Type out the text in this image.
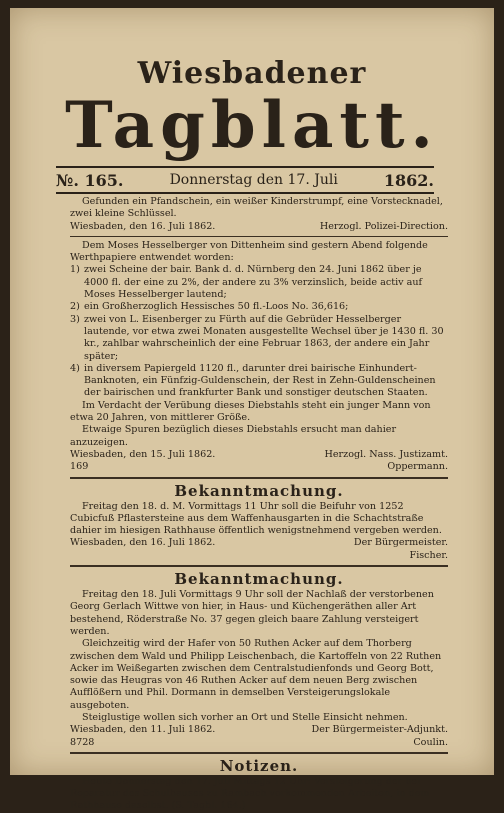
Wiesbadener
Tagblatt.
№. 165.	Donnerstag den 17. Juli	1862.

Gefunden ein Pfandschein, ein weißer Kinderstrumpf, eine Vorstecknadel, zwei kleine Schlüssel.

Wiesbaden, den 16. Juli 1862.	Herzogl. Polizei-Direction.

Dem Moses Hesselberger von Dittenheim sind gestern Abend folgende Werthpapiere entwendet worden:

1) zwei Scheine der bair. Bank d. d. Nürnberg den 24. Juni 1862 über je 4000 fl. der eine zu 2%, der andere zu 3% verzinslich, beide activ auf Moses Hesselberger lautend;
2) ein Großherzoglich Hessisches 50 fl.-Loos No. 36,616;
3) zwei von L. Eisenberger zu Fürth auf die Gebrüder Hesselberger lautende, vor etwa zwei Monaten ausgestellte Wechsel über je 1430 fl. 30 kr., zahlbar wahrscheinlich der eine Februar 1863, der andere ein Jahr später;
4) in diversem Papiergeld 1120 fl., darunter drei bairische Einhundert-Banknoten, ein Fünfzig-Guldenschein, der Rest in Zehn-Guldenscheinen der bairischen und frankfurter Bank und sonstiger deutschen Staaten.

Im Verdacht der Verübung dieses Diebstahls steht ein junger Mann von etwa 20 Jahren, von mittlerer Größe.

Etwaige Spuren bezüglich dieses Diebstahls ersucht man dahier anzuzeigen.

Wiesbaden, den 15. Juli 1862.	Herzogl. Nass. Justizamt.
169	Oppermann.
Bekanntmachung.

Freitag den 18. d. M. Vormittags 11 Uhr soll die Beifuhr von 1252 Cubicfuß Pflastersteine aus dem Waffenhausgarten in die Schachtstraße dahier im hiesigen Rathhause öffentlich wenigstnehmend vergeben werden.

Wiesbaden, den 16. Juli 1862.	Der Bürgermeister.
Fischer.
Bekanntmachung.

Freitag den 18. Juli Vormittags 9 Uhr soll der Nachlaß der verstorbenen Georg Gerlach Wittwe von hier, in Haus- und Küchengeräthen aller Art bestehend, Röderstraße No. 37 gegen gleich baare Zahlung versteigert werden.

Gleichzeitig wird der Hafer von 50 Ruthen Acker auf dem Thorberg zwischen dem Wald und Philipp Leischenbach, die Kartoffeln von 22 Ruthen Acker im Weißegarten zwischen dem Centralstudienfonds und Georg Bott, sowie das Heugras von 46 Ruthen Acker auf dem neuen Berg zwischen Aufflößern und Phil. Dormann in demselben Versteigerungslokale ausgeboten.

Steiglustige wollen sich vorher an Ort und Stelle Einsicht nehmen.

Wiesbaden, den 11. Juli 1862.	Der Bürgermeister-Adjunkt.
8728	Coulin.
Notizen.

Heute Donnerstag den 17. Juli Mittags 12 Uhr: Versteigerung der bei Reparatur des Schulhauses zu Rambach vorkommenden Arbeiten, in dem Rathhause daselbst. (S. Tagbl. 164.)
